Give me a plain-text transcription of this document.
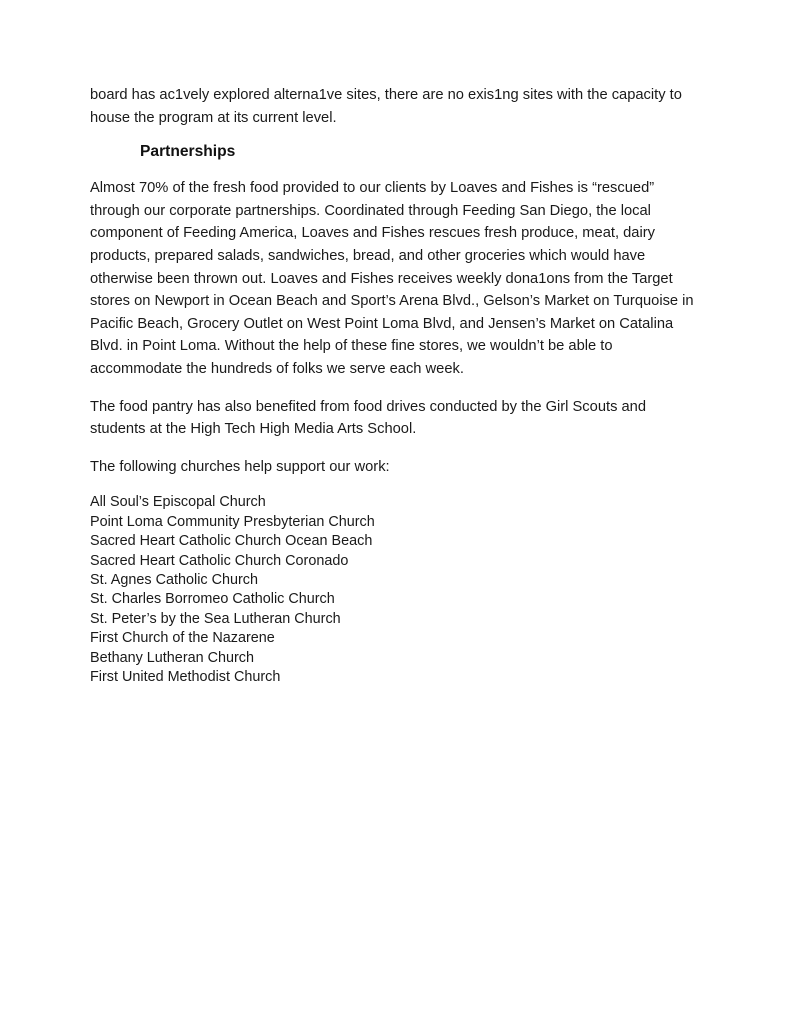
board has ac1vely explored alterna1ve sites, there are no exis1ng sites with the capacity to house the program at its current level.

Partnerships

Almost 70% of the fresh food provided to our clients by Loaves and Fishes is “rescued” through our corporate partnerships. Coordinated through Feeding San Diego, the local component of Feeding America, Loaves and Fishes rescues fresh produce, meat, dairy products, prepared salads, sandwiches, bread, and other groceries which would have otherwise been thrown out. Loaves and Fishes receives weekly dona1ons from the Target stores on Newport in Ocean Beach and Sport’s Arena Blvd., Gelson’s Market on Turquoise in Pacific Beach, Grocery Outlet on West Point Loma Blvd, and Jensen’s Market on Catalina Blvd. in Point Loma. Without the help of these fine stores, we wouldn’t be able to accommodate the hundreds of folks we serve each week.

The food pantry has also benefited from food drives conducted by the Girl Scouts and students at the High Tech High Media Arts School.

The following churches help support our work:

All Soul’s Episcopal Church
Point Loma Community Presbyterian Church
Sacred Heart Catholic Church Ocean Beach
Sacred Heart Catholic Church Coronado
St. Agnes Catholic Church
St. Charles Borromeo Catholic Church
St. Peter’s by the Sea Lutheran Church
First Church of the Nazarene
Bethany Lutheran Church
First United Methodist Church
